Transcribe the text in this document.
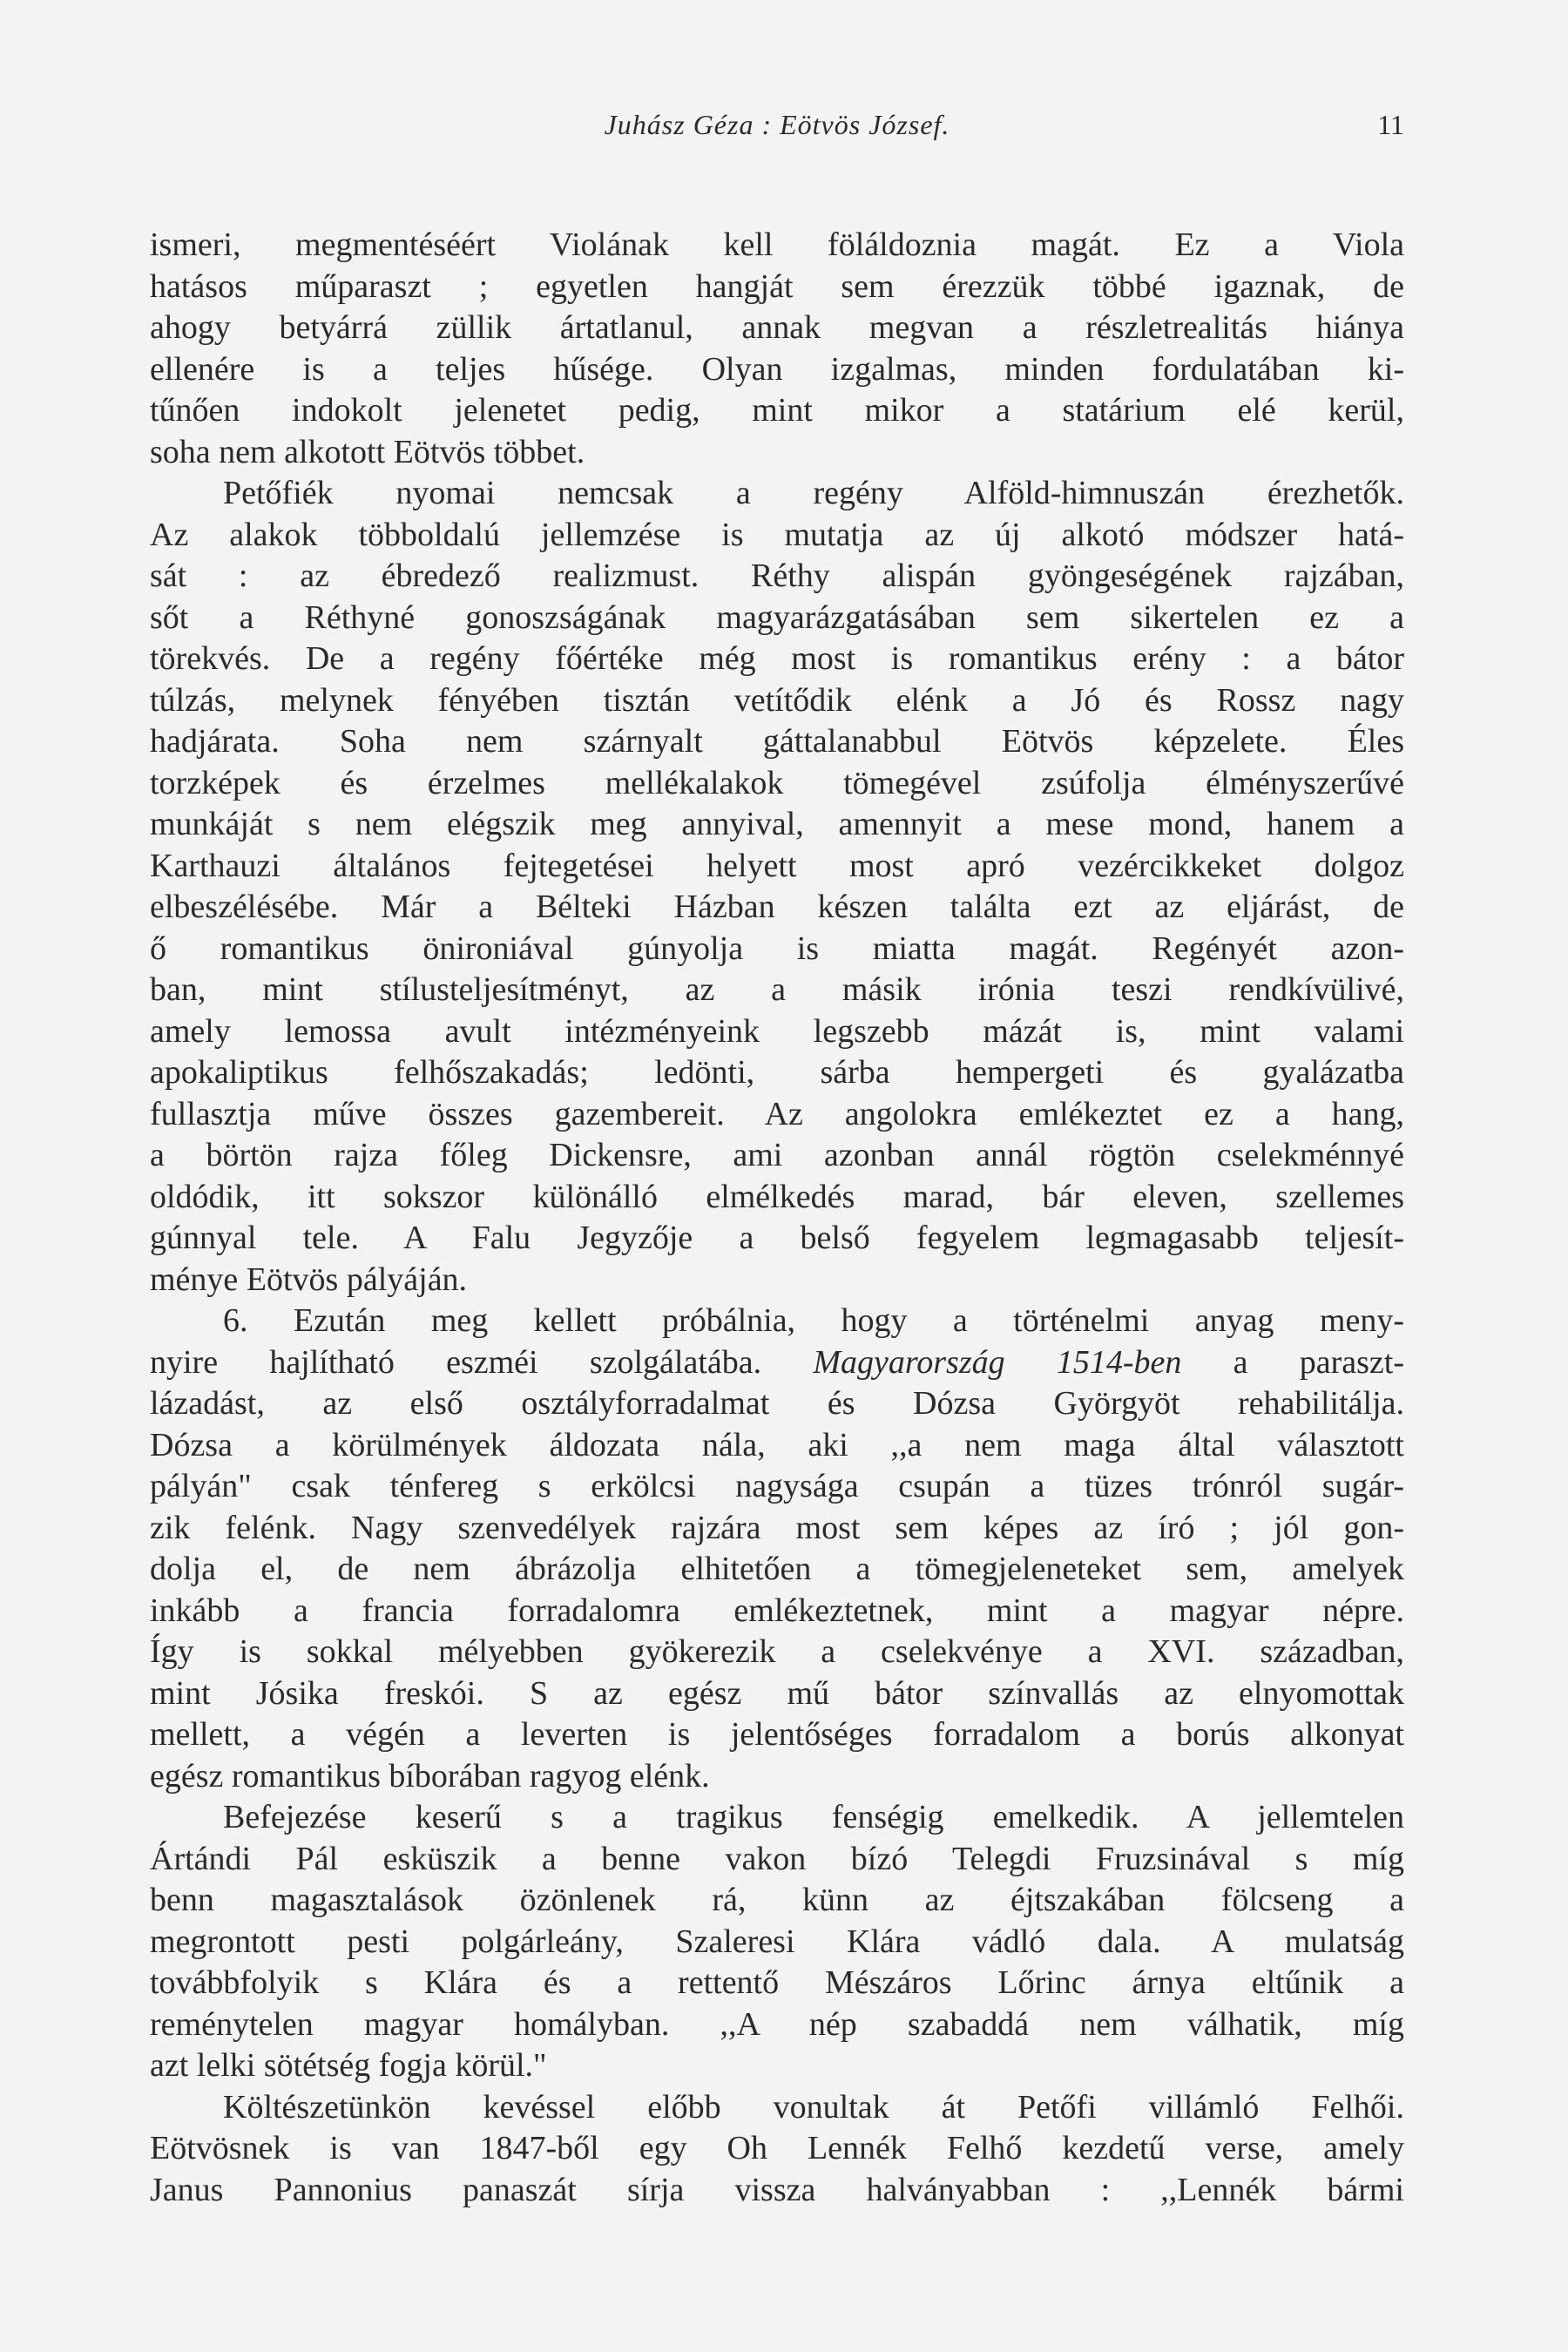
Juhász Géza : Eötvös József.	11
ismeri, megmentéséért Violának kell föláldoznia magát. Ez a Viola
hatásos műparaszt ; egyetlen hangját sem érezzük többé igaznak, de
ahogy betyárrá züllik ártatlanul, annak megvan a részletrealitás hiánya
ellenére is a teljes hűsége. Olyan izgalmas, minden fordulatában ki-
tűnően indokolt jelenetet pedig, mint mikor a statárium elé kerül,
soha nem alkotott Eötvös többet.
Petőfiék nyomai nemcsak a regény Alföld-himnuszán érezhetők.
Az alakok többoldalú jellemzése is mutatja az új alkotó módszer hatá-
sát : az ébredező realizmust. Réthy alispán gyöngeségének rajzában,
sőt a Réthyné gonoszságának magyarázgatásában sem sikertelen ez a
törekvés. De a regény főértéke még most is romantikus erény : a bátor
túlzás, melynek fényében tisztán vetítődik elénk a Jó és Rossz nagy
hadjárata. Soha nem szárnyalt gáttalanabbul Eötvös képzelete. Éles
torzképek és érzelmes mellékalakok tömegével zsúfolja élményszerűvé
munkáját s nem elégszik meg annyival, amennyit a mese mond, hanem a
Karthauzi általános fejtegetései helyett most apró vezércikkeket dolgoz
elbeszélésébe. Már a Bélteki Házban készen találta ezt az eljárást, de
ő romantikus önironiával gúnyolja is miatta magát. Regényét azon-
ban, mint stílusteljesítményt, az a másik irónia teszi rendkívülivé,
amely lemossa avult intézményeink legszebb mázát is, mint valami
apokaliptikus felhőszakadás; ledönti, sárba hempergeti és gyalázatba
fullasztja műve összes gazembereit. Az angolokra emlékeztet ez a hang,
a börtön rajza főleg Dickensre, ami azonban annál rögtön cselekménnyé
oldódik, itt sokszor különálló elmélkedés marad, bár eleven, szellemes
gúnnyal tele. A Falu Jegyzője a belső fegyelem legmagasabb teljesít-
ménye Eötvös pályáján.
6. Ezután meg kellett próbálnia, hogy a történelmi anyag meny-
nyire hajlítható eszméi szolgálatába. Magyarország 1514-ben a paraszt-
lázadást, az első osztályforradalmat és Dózsa Györgyöt rehabilitálja.
Dózsa a körülmények áldozata nála, aki ,,a nem maga által választott
pályán" csak ténfereg s erkölcsi nagysága csupán a tüzes trónról sugár-
zik felénk. Nagy szenvedélyek rajzára most sem képes az író ; jól gon-
dolja el, de nem ábrázolja elhitetően a tömegjeleneteket sem, amelyek
inkább a francia forradalomra emlékeztetnek, mint a magyar népre.
Így is sokkal mélyebben gyökerezik a cselekvénye a XVI. században,
mint Jósika freskói. S az egész mű bátor színvallás az elnyomottak
mellett, a végén a leverten is jelentőséges forradalom a borús alkonyat
egész romantikus bíborában ragyog elénk.
Befejezése keserű s a tragikus fenségig emelkedik. A jellemtelen
Ártándi Pál esküszik a benne vakon bízó Telegdi Fruzsinával s míg
benn magasztalások özönlenek rá, künn az éjtszakában fölcseng a
megrontott pesti polgárleány, Szaleresi Klára vádló dala. A mulatság
továbbfolyik s Klára és a rettentő Mészáros Lőrinc árnya eltűnik a
reménytelen magyar homályban. ,,A nép szabaddá nem válhatik, míg
azt lelki sötétség fogja körül."
Költészetünkön kevéssel előbb vonultak át Petőfi villámló Felhői.
Eötvösnek is van 1847-ből egy Oh Lennék Felhő kezdetű verse, amely
Janus Pannonius panaszát sírja vissza halványabban : ,,Lennék bármi
